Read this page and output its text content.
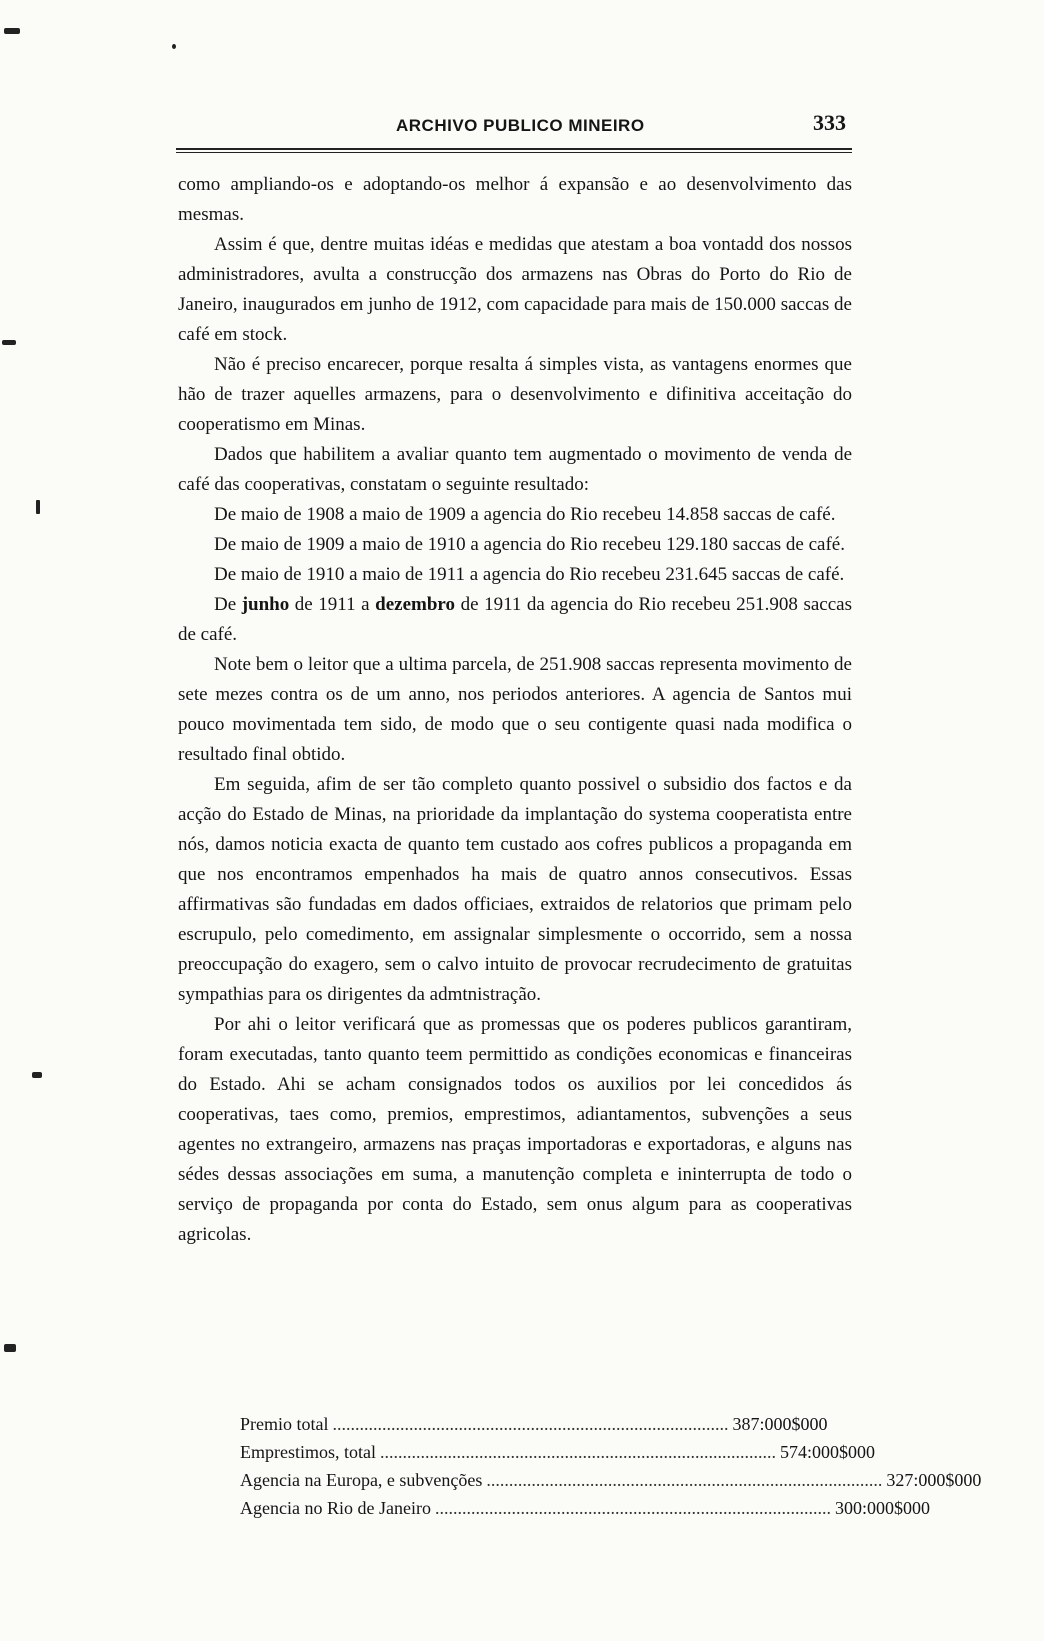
ARCHIVO PUBLICO MINEIRO	333

como ampliando-os e adoptando-os melhor á expansão e ao desenvolvimento das mesmas.

Assim é que, dentre muitas idéas e medidas que atestam a boa vontadd dos nossos administradores, avulta a construcção dos armazens nas Obras do Porto do Rio de Janeiro, inaugurados em junho de 1912, com capacidade para mais de 150.000 saccas de café em stock.

Não é preciso encarecer, porque resalta á simples vista, as vantagens enormes que hão de trazer aquelles armazens, para o desenvolvimento e difinitiva acceitação do cooperatismo em Minas.

Dados que habilitem a avaliar quanto tem augmentado o movimento de venda de café das cooperativas, constatam o seguinte resultado:

De maio de 1908 a maio de 1909 a agencia do Rio recebeu 14.858 saccas de café.

De maio de 1909 a maio de 1910 a agencia do Rio recebeu 129.180 saccas de café.

De maio de 1910 a maio de 1911 a agencia do Rio recebeu 231.645 saccas de café.

De junho de 1911 a dezembro de 1911 da agencia do Rio recebeu 251.908 saccas de café.

Note bem o leitor que a ultima parcela, de 251.908 saccas representa movimento de sete mezes contra os de um anno, nos periodos anteriores. A agencia de Santos mui pouco movimentada tem sido, de modo que o seu contigente quasi nada modifica o resultado final obtido.

Em seguida, afim de ser tão completo quanto possivel o subsidio dos factos e da acção do Estado de Minas, na prioridade da implantação do systema cooperatista entre nós, damos noticia exacta de quanto tem custado aos cofres publicos a propaganda em que nos encontramos empenhados ha mais de quatro annos consecutivos. Essas affirmativas são fundadas em dados officiaes, extraidos de relatorios que primam pelo escrupulo, pelo comedimento, em assignalar simplesmente o occorrido, sem a nossa preoccupação do exagero, sem o calvo intuito de provocar recrudecimento de gratuitas sympathias para os dirigentes da admtnistração.

Por ahi o leitor verificará que as promessas que os poderes publicos garantiram, foram executadas, tanto quanto teem permittido as condições economicas e financeiras do Estado. Ahi se acham consignados todos os auxilios por lei concedidos ás cooperativas, taes como, premios, emprestimos, adiantamentos, subvenções a seus agentes no extrangeiro, armazens nas praças importadoras e exportadoras, e alguns nas sédes dessas associações em suma, a manutenção completa e ininterrupta de todo o serviço de propaganda por conta do Estado, sem onus algum para as cooperativas agricolas.

Premio total ........................................................................................ 387:000$000
Emprestimos, total ........................................................................................ 574:000$000
Agencia na Europa, e subvenções ........................................................................................ 327:000$000
Agencia no Rio de Janeiro ........................................................................................ 300:000$000
